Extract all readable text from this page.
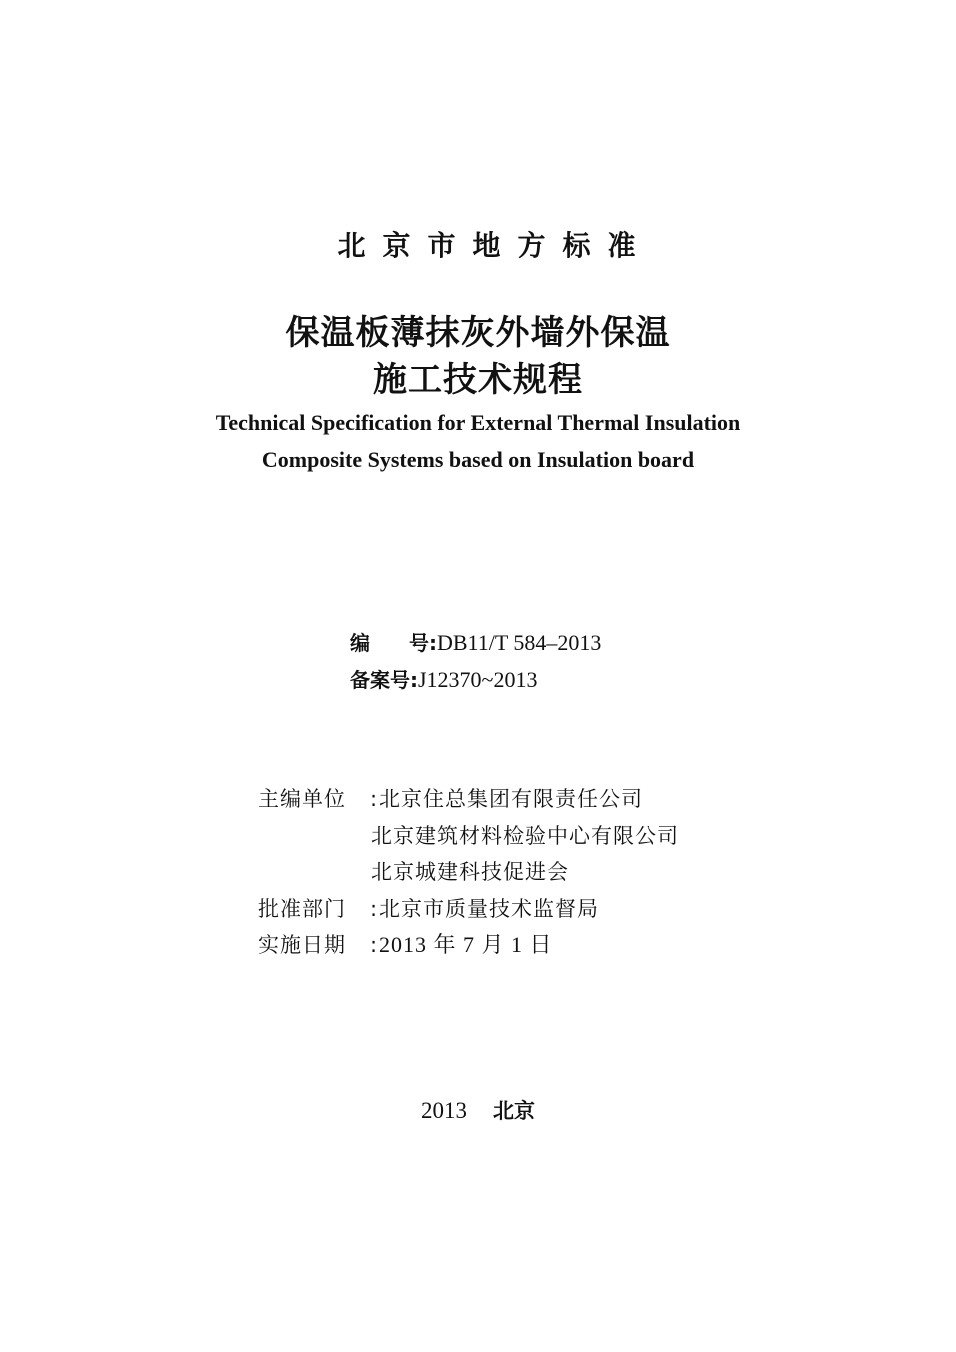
北京市地方标准
保温板薄抹灰外墙外保温
施工技术规程
Technical Specification for External Thermal Insulation
Composite Systems based on Insulation board
编 号:DB11/T 584–2013
备案号:J12370~2013
主编单位 :北京住总集团有限责任公司
北京建筑材料检验中心有限公司
北京城建科技促进会
批准部门 :北京市质量技术监督局
实施日期 :2013 年 7 月 1 日
2013 北京
